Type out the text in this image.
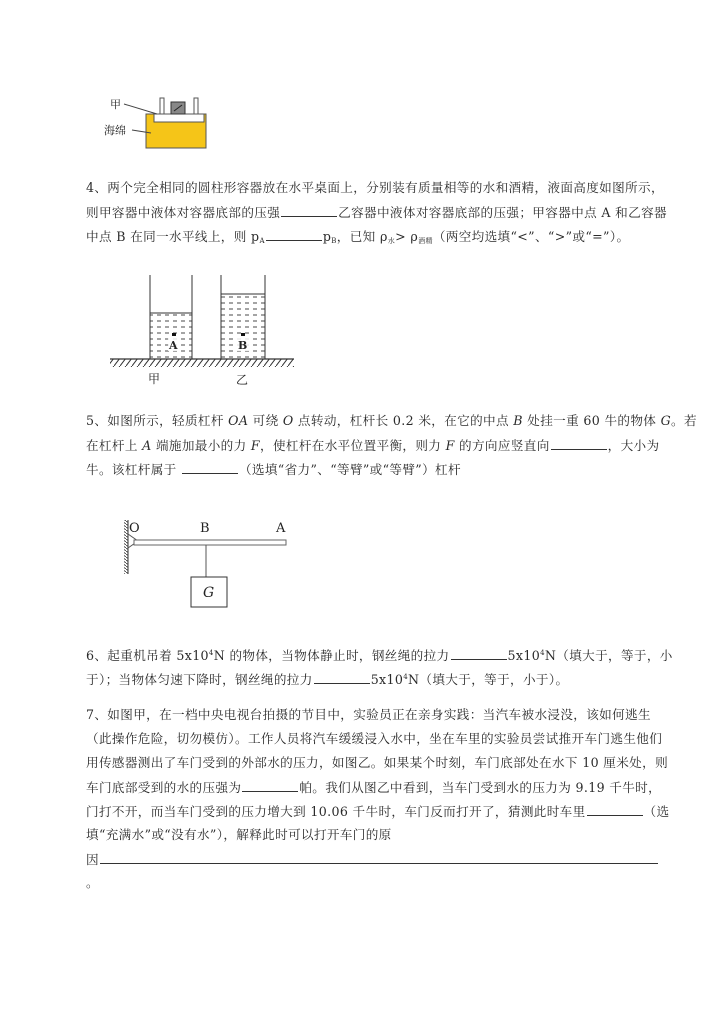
甲
海绵
4、两个完全相同的圆柱形容器放在水平桌面上，分别装有质量相等的水和酒精，液面高度如图所示，
则甲容器中液体对容器底部的压强	乙容器中液体对容器底部的压强；甲容器中点 A 和乙容器
中点 B 在同一水平线上，则 $p_A$	$p_B$，已知 $\rho_水> \rho_{酒精}$（两空均选填“<”、“>”或“=”）。
A	B
甲	乙
5、如图所示，轻质杠杆 OA 可绕 O 点转动，杠杆长 0.2 米，在它的中点 B 处挂一重 60 牛的物体 G。若
在杠杆上 A 端施加最小的力 F，使杠杆在水平位置平衡，则力 F 的方向应竖直向	，大小为
牛。该杠杆属于	（选填“省力”、“等臂”或“等臂”）杠杆
O	B	A
G
6、起重机吊着 $5x10^4N$ 的物体，当物体静止时，钢丝绳的拉力	$5x10^4N$（填大于，等于，小
于）；当物体匀速下降时，钢丝绳的拉力	$5x10^4N$（填大于，等于，小于）。
7、如图甲，在一档中央电视台拍摄的节目中，实验员正在亲身实践：当汽车被水浸没，该如何逃生
（此操作危险，切勿模仿）。工作人员将汽车缓缓浸入水中，坐在车里的实验员尝试推开车门逃生他们
用传感器测出了车门受到的外部水的压力，如图乙。如果某个时刻，车门底部处在水下 10 厘米处，则
车门底部受到的水的压强为	帕。我们从图乙中看到，当车门受到水的压力为 9.19 千牛时，
门打不开，而当车门受到的压力增大到 10.06 千牛时，车门反而打开了，猜测此时车里	（选
填“充满水”或“没有水”），解释此时可以打开车门的原
因
。
